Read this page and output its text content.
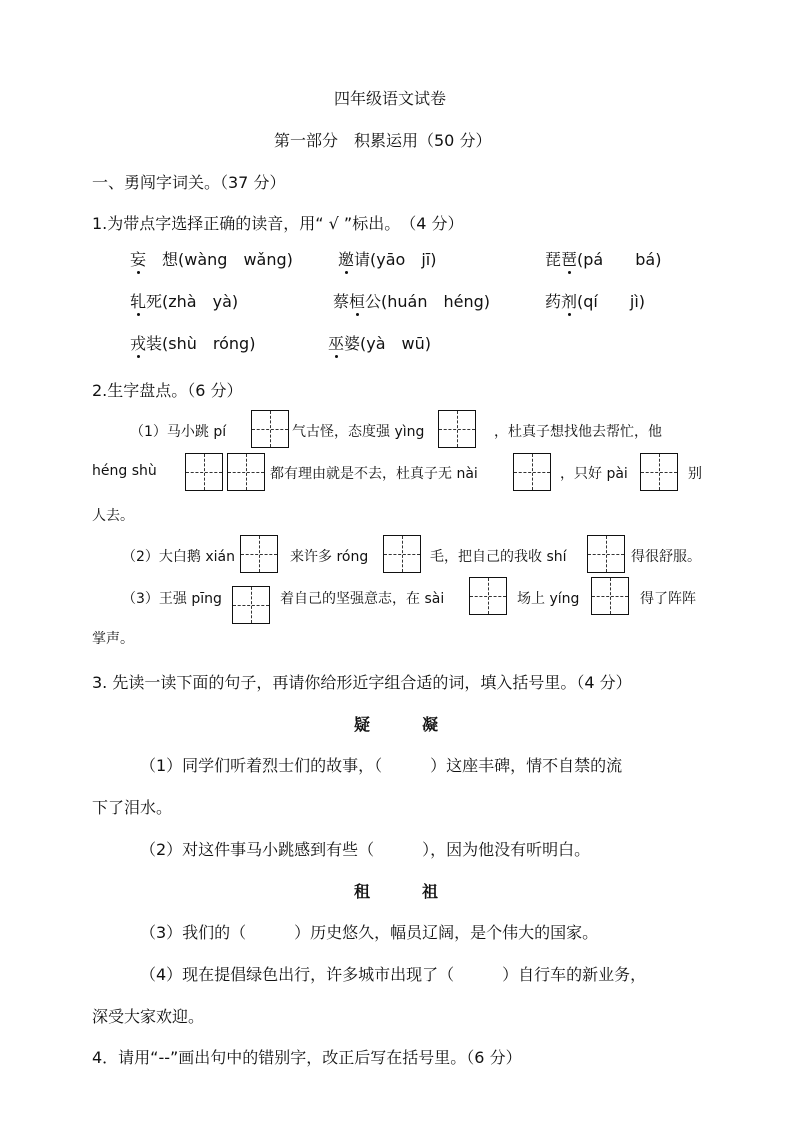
四年级语文试卷
第一部分　积累运用（50 分）
一、勇闯字词关。（37 分）
1.为带点字选择正确的读音，用“ √ ”标出。　（4 分）
妄　想(wàng　wǎng)	邀请(yāo　jī)	琵琶(pá　　bá)
轧死(zhà　yà)	蔡桓公(huán　héng)	药剂(qí　　jì)
戎装(shù　róng)	巫婆(yà　wū)
2.生字盘点。（6 分）
（1）马小跳 pí	气古怪，态度强 yìng	，杜真子想找他去帮忙，他
héng shù	都有理由就是不去，杜真子无 nài	，只好 pài	别
人去。
（2）大白鹅 xián	来许多 róng	毛，把自己的我收 shí	得很舒服。
（3）王强 pīng	着自己的坚强意志，在 sài	场上 yíng	得了阵阵
掌声。
3. 先读一读下面的句子，再请你给形近字组合适的词，填入括号里。（4 分）
疑	凝
（1）同学们听着烈士们的故事，（　　　）这座丰碑，情不自禁的流
下了泪水。
（2）对这件事马小跳感到有些（　　　），因为他没有听明白。
租	祖
（3）我们的（　　　）历史悠久，幅员辽阔，是个伟大的国家。
（4）现在提倡绿色出行，许多城市出现了（　　　）自行车的新业务，
深受大家欢迎。
4．请用“--”画出句中的错别字，改正后写在括号里。（6 分）
